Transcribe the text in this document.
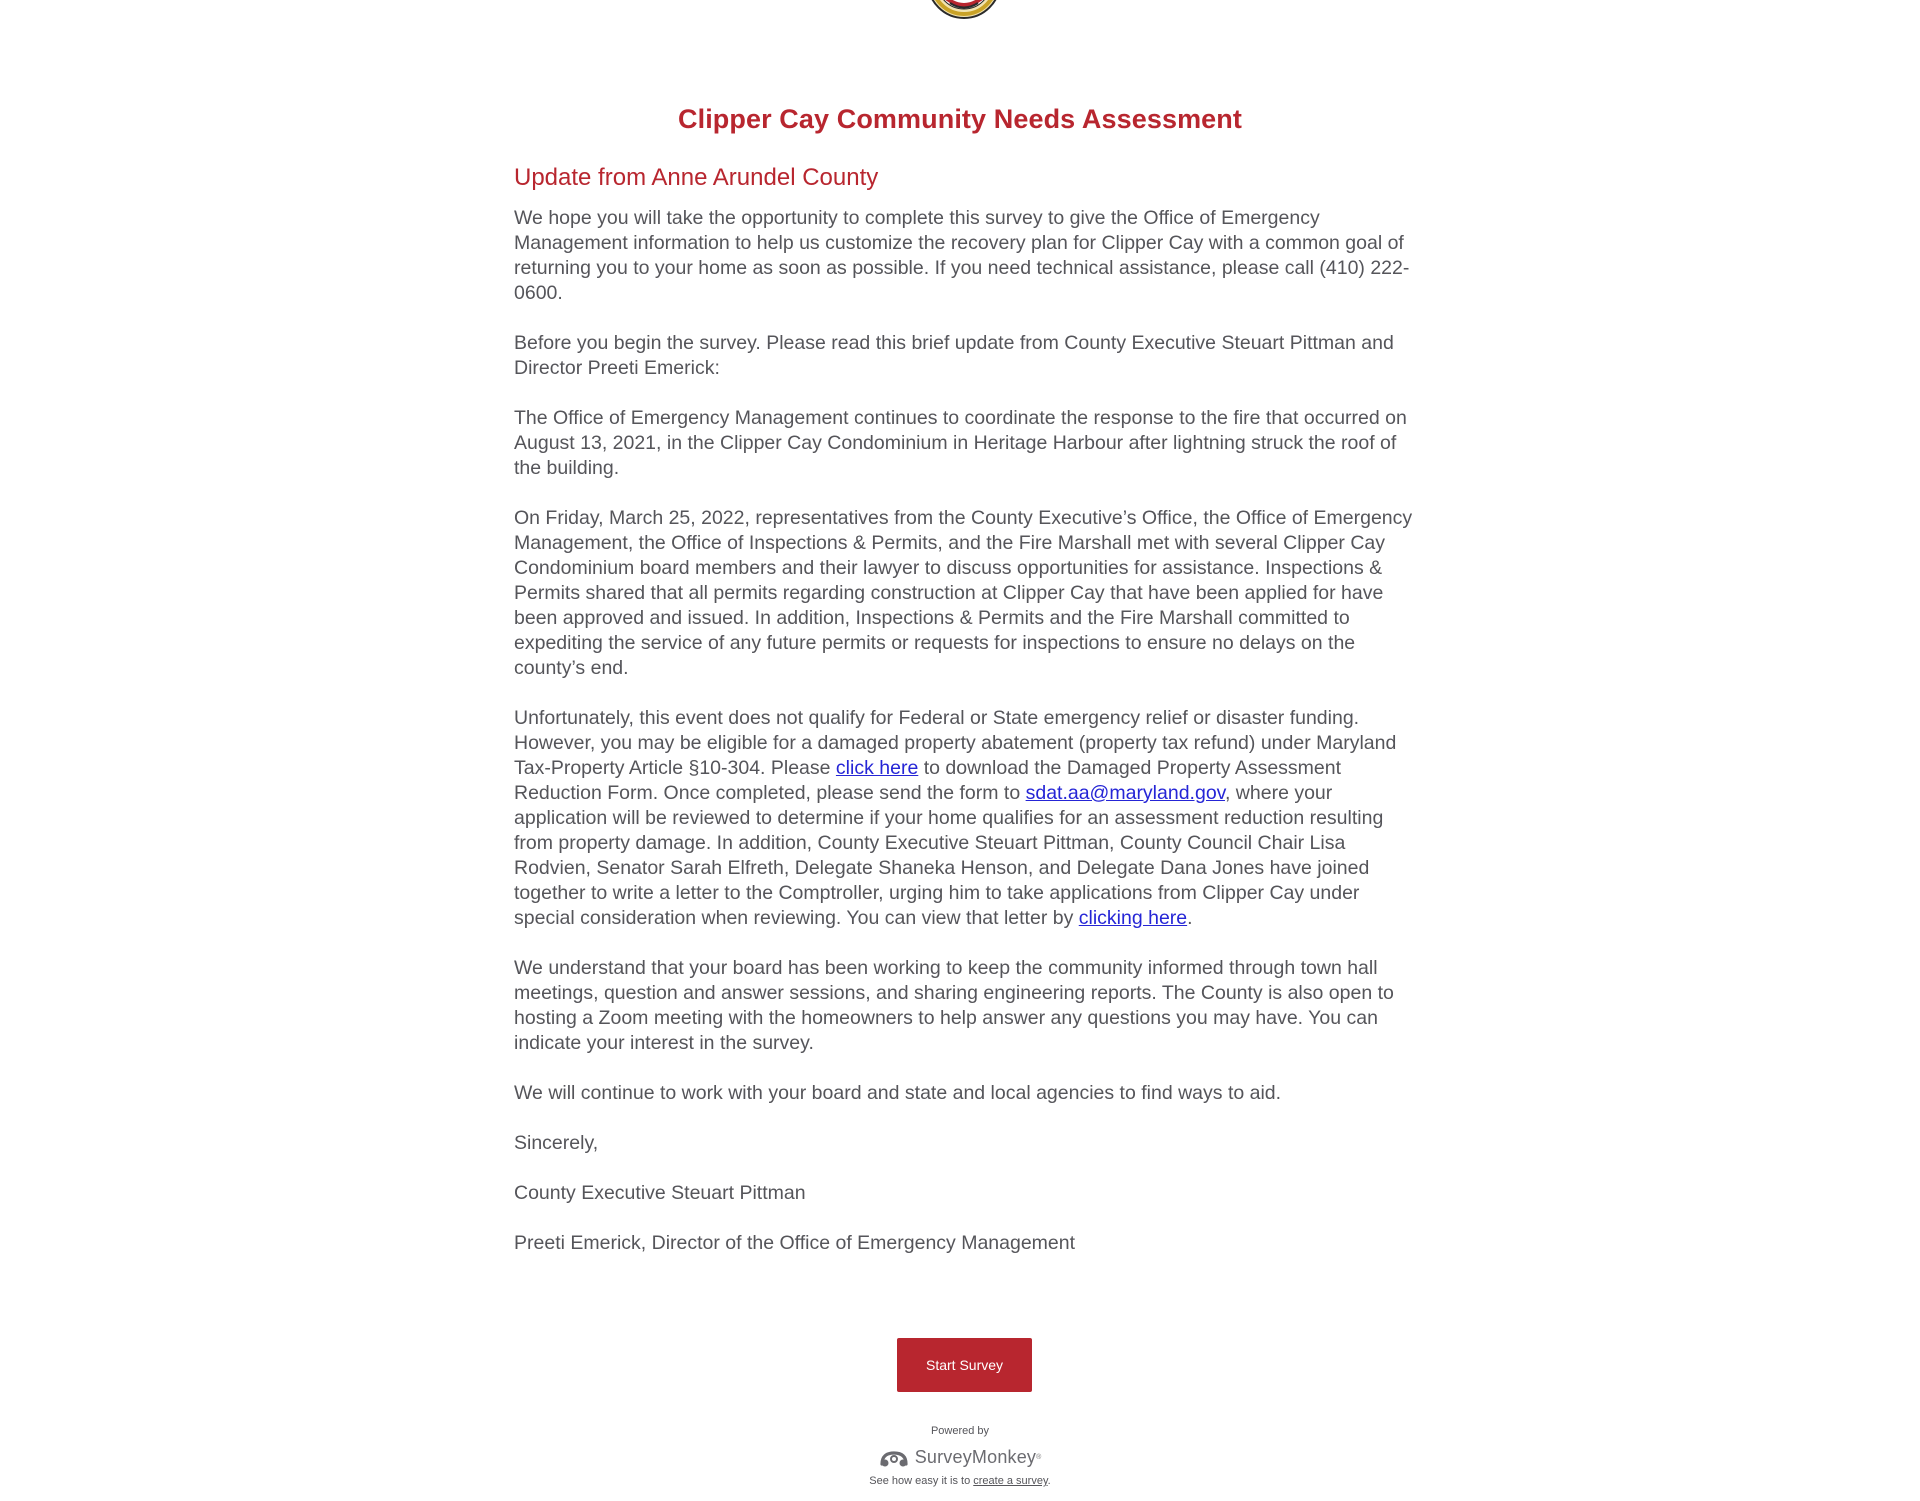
Clipper Cay Community Needs Assessment
Update from Anne Arundel County

We hope you will take the opportunity to complete this survey to give the Office of Emergency Management information to help us customize the recovery plan for Clipper Cay with a common goal of returning you to your home as soon as possible. If you need technical assistance, please call (410) 222-0600.

Before you begin the survey. Please read this brief update from County Executive Steuart Pittman and Director Preeti Emerick:

The Office of Emergency Management continues to coordinate the response to the fire that occurred on August 13, 2021, in the Clipper Cay Condominium in Heritage Harbour after lightning struck the roof of the building.

On Friday, March 25, 2022, representatives from the County Executive’s Office, the Office of Emergency Management, the Office of Inspections & Permits, and the Fire Marshall met with several Clipper Cay Condominium board members and their lawyer to discuss opportunities for assistance. Inspections & Permits shared that all permits regarding construction at Clipper Cay that have been applied for have been approved and issued. In addition, Inspections & Permits and the Fire Marshall committed to expediting the service of any future permits or requests for inspections to ensure no delays on the county’s end.

Unfortunately, this event does not qualify for Federal or State emergency relief or disaster funding. However, you may be eligible for a damaged property abatement (property tax refund) under Maryland Tax-Property Article §10-304. Please click here to download the Damaged Property Assessment Reduction Form. Once completed, please send the form to sdat.aa@maryland.gov, where your application will be reviewed to determine if your home qualifies for an assessment reduction resulting from property damage. In addition, County Executive Steuart Pittman, County Council Chair Lisa Rodvien, Senator Sarah Elfreth, Delegate Shaneka Henson, and Delegate Dana Jones have joined together to write a letter to the Comptroller, urging him to take applications from Clipper Cay under special consideration when reviewing. You can view that letter by clicking here.

We understand that your board has been working to keep the community informed through town hall meetings, question and answer sessions, and sharing engineering reports. The County is also open to hosting a Zoom meeting with the homeowners to help answer any questions you may have. You can indicate your interest in the survey.

We will continue to work with your board and state and local agencies to find ways to aid.

Sincerely,

County Executive Steuart Pittman

Preeti Emerick, Director of the Office of Emergency Management

Start Survey

Powered by

SurveyMonkey ®
See how easy it is to create a survey.
